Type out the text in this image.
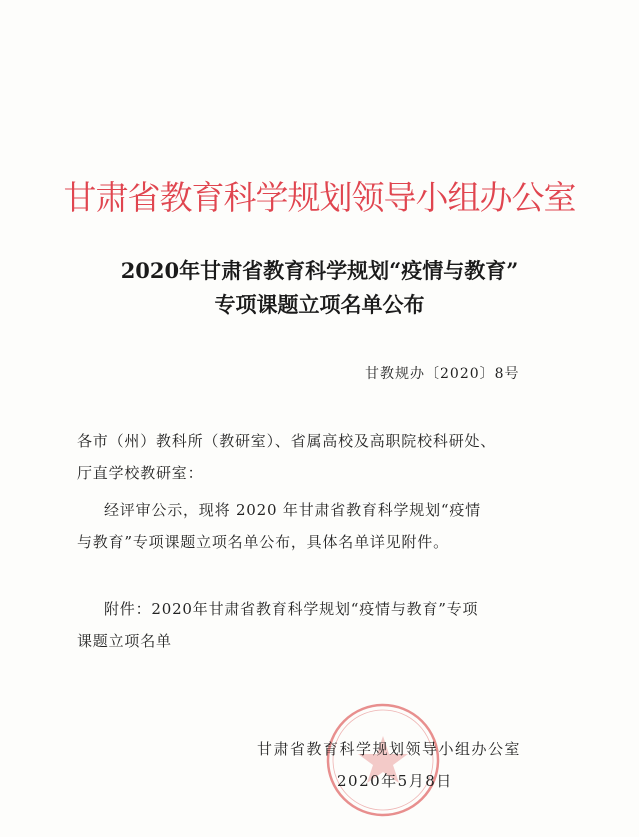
甘肃省教育科学规划领导小组办公室
2020年甘肃省教育科学规划“疫情与教育”
专项课题立项名单公布
甘教规办〔2020〕8号
各市（州）教科所（教研室）、省属高校及高职院校科研处、
厅直学校教研室：
经评审公示，现将 2020 年甘肃省教育科学规划“疫情
与教育”专项课题立项名单公布，具体名单详见附件。
附件：2020年甘肃省教育科学规划“疫情与教育”专项
课题立项名单
甘肃省教育科学规划领导小组办公室
2020年5月8日
